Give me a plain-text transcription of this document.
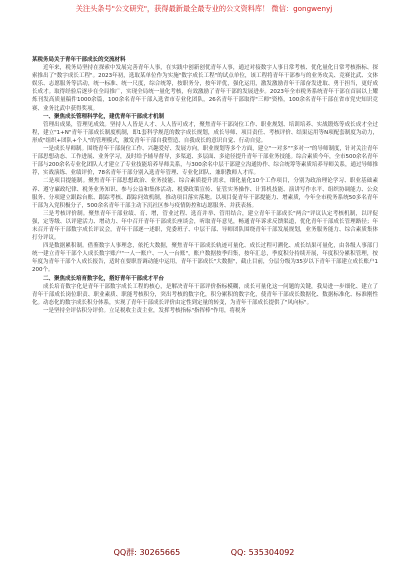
关注头条号"公文研究"，获得最新最全最专业的公文资料库！ 微信：gongwenyj

某税务局关于青年干部成长的交流材料

近年来，税务局坚持在探索中发展完善青年人事，在实践中创新创优青年人事，通过对接数字人事日常考核、优化量化日常考核指标、探索推出了"数字成长工程"。2023年初，选取某单位作为实施"数字成长工程"的试点单位，该工程将青年干部参与的业务攻关、竞赛比武、文体娱乐、志愿服务等活动，统一标准、统一尺度，综合统筹，按职务分，按年评优，强化运用，激发激励青年干部奋发进取、勇于担当，更好成长成才。取得经验后逐步在全局推广，实现全局统一量化考核，有效激励了青年干部的发展进步。2023年全市税务系统青年干部在首届以上耀炼刊发高质量稿件1000余篇，100余名青年干部入选省市专业化团队，26名青年干部取得"三师"资格，100余名青年干部在省市党史知识竞赛、业务比武中获得奖项。

一、聚焦成长管理科学化，建优青年干部成才机制

管理出成果，管理见成效。坚持人人皆是人才、人人皆可成才，聚焦青年干部岗位工作、职业规划、培训培养、实战锻炼等成长成才全过程，建立"1+N"青年干部成长制度机制，即1套科学规范的数字成长规划，成长导师、项目责任、考核评价、结果运用等N项配套制度为动力，形成"组织+团队+个人"的管理模式，激发青年干部自我塑造、自我成长的意识自觉、行动自觉。

一是成长导师制。围绕青年干部岗位工作、兴趣爱好、发展方向，职业规划等多个方面，建立"一对多""多对一"的导师制度，针对关注青年干部思想动态、工作进展、业务学习，及时给予辅导督导，多渠道、多层面、多途径提升青年干部业务技能。综合素质今年，全市500余名青年干部与200余名专业化团队人才建立了专业技能培养导师关系，与300余名中层干部建立沟通协作、综合统筹等素质培养导师关系，通过导师推荐，实战演练、业绩评价，78名青年干部分别入选青年管理、专业化团队、兼职教师人才库。

二是项目提能制。聚焦青年干部思想政治、业务技能、综合素质提升需求，细化量化10个工作项目，分别为政治理论学习、职业基础素养、遵守廉政纪律、税务业务知识、参与公益和集体活动、税费政策宣传、征管实务操作、计算机技能、演讲写作水平、组织协调能力、公众服务、分项建立跟踪台账、跟踪考核、跟踪问效机制，推动项目落实落地。以项目促青年干部提能力、增素质，今年全市税务系统50多名青年干部为入党积极分子，500余名青年干部主动下沉社区参与疫情防控和志愿服务、并获表扬。

三是考核评价制。聚焦青年干部业绩、育、增，管业过程、选育并举、管用结合，建立青年干部成长"两合"评议认定考核机制，以评促强，定等级、以评建活力、增动力、年中召开青年干部成长座谈会，听取青年意见，畅通青年诉求反馈渠道，优化青年干部成长管理路径；年末召开青年干部数字成长评议会，青年干部逐一述职，党委班子、中层干部、导师团队围绕青年干部发展规划，业务服务能力、综合素质集体打分评议。

四是数据累积制。借鉴数字人事理念，依托大数据，聚焦青年干部成长轨迹可量化、成长过程可溯化、成长结果可量化，由各级人事部门统一建立青年干部个人成长数字账户"一人一账户、一人一台账"，账户数据按季归集，按年汇总，季度积分持续开展，年度积分累积管理，按年度为青年干部个人成长报告，适时在要职晋调动能中运用，青年干部成长"大数据"，截止目前，分层分级为35岁以下青年干部建立成长账户1200个。

二、聚焦成长培育数字化，搭好青年干部成才平台

成长培育数字化是青年干部数字成长工程的核心，是解决青年干部评价指标模糊，成长可量化这一问题的关键，我局进一步细化、建立了青年干部成长岗位职责、职业素质、职能考核积分，突出考核的数字化，积分累积的数字化，使青年干部成长数据化、数据标准化、标准刚性化。动态化的数字成长积分体系，实现了青年干部成长评价由定性到定量的转变，为青年干部成长提供了"风向标"。

一是坚持全评估积分评价。立足税收主责主业，发挥考核指标"指挥棒"作用，将税务

QQ群: 30265665	QQ: 535304092
